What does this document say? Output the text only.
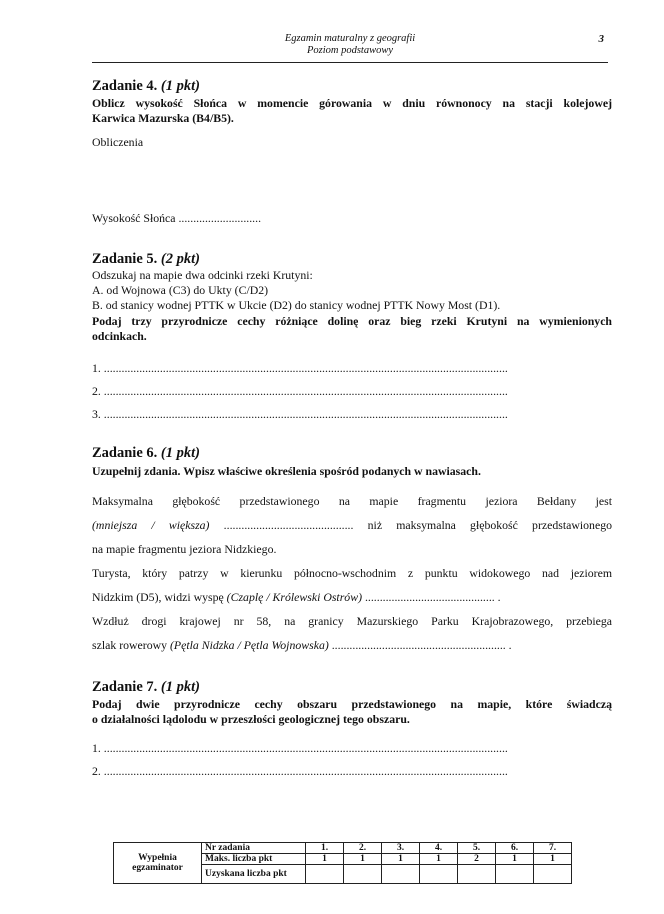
Egzamin maturalny z geografii
Poziom podstawowy
3
Zadanie 4. (1 pkt)
Oblicz wysokość Słońca w momencie górowania w dniu równonocy na stacji kolejowej
Karwica Mazurska (B4/B5).
Obliczenia
Wysokość Słońca ............................
Zadanie 5. (2 pkt)
Odszukaj na mapie dwa odcinki rzeki Krutyni:
A. od Wojnowa (C3) do Ukty (C/D2)
B. od stanicy wodnej PTTK w Ukcie (D2) do stanicy wodnej PTTK Nowy Most (D1).
Podaj trzy przyrodnicze cechy różniące dolinę oraz bieg rzeki Krutyni na wymienionych
odcinkach.
1. .........................................................................................................................................
2. .........................................................................................................................................
3. .........................................................................................................................................
Zadanie 6. (1 pkt)
Uzupełnij zdania. Wpisz właściwe określenia spośród podanych w nawiasach.
Maksymalna głębokość przedstawionego na mapie fragmentu jeziora Bełdany jest
(mniejsza / większa) ............................................ niż maksymalna głębokość przedstawionego
na mapie fragmentu jeziora Nidzkiego.
Turysta, który patrzy w kierunku północno-wschodnim z punktu widokowego nad jeziorem
Nidzkim (D5), widzi wyspę (Czaplę / Królewski Ostrów) ............................................ .
Wzdłuż drogi krajowej nr 58, na granicy Mazurskiego Parku Krajobrazowego, przebiega
szlak rowerowy (Pętla Nidzka / Pętla Wojnowska) ........................................................... .
Zadanie 7. (1 pkt)
Podaj dwie przyrodnicze cechy obszaru przedstawionego na mapie, które świadczą
o działalności lądolodu w przeszłości geologicznej tego obszaru.
1. .........................................................................................................................................
2. .........................................................................................................................................
Wypełnia
egzaminator	Nr zadania	1.	2.	3.	4.	5.	6.	7.
	Maks. liczba pkt	1	1	1	1	2	1	1
	Uzyskana liczba pkt							
